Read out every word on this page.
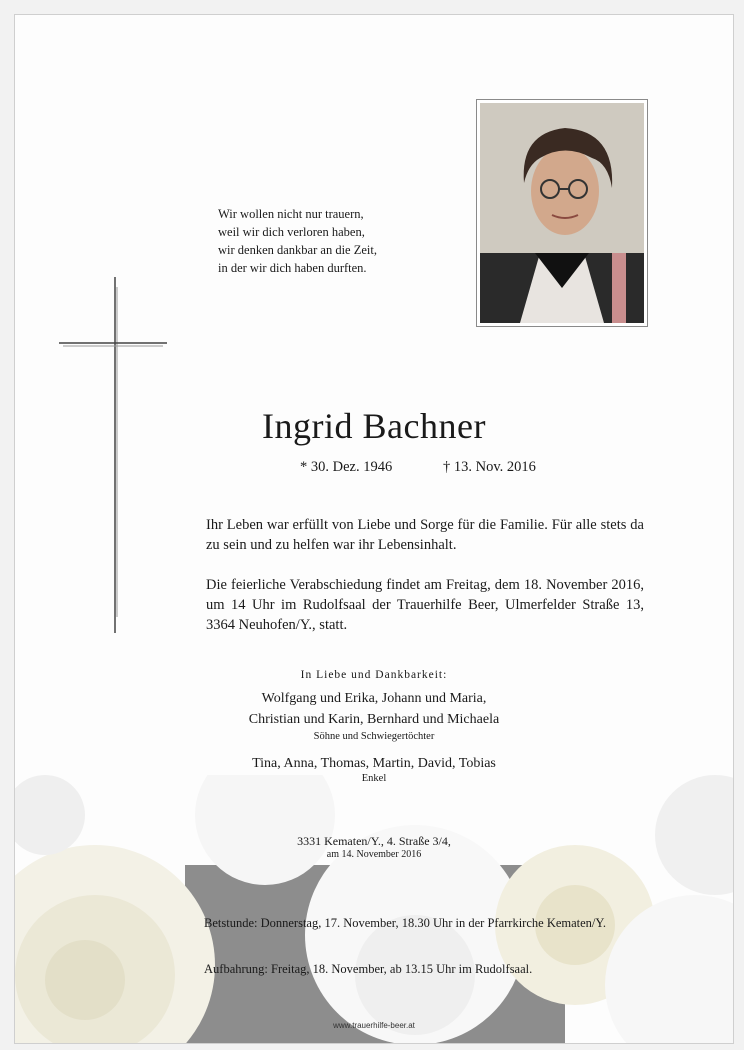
Wir wollen nicht nur trauern,
weil wir dich verloren haben,
wir denken dankbar an die Zeit,
in der wir dich haben durften.
Ingrid Bachner
* 30. Dez. 1946	† 13. Nov. 2016
Ihr Leben war erfüllt von Liebe und Sorge für die Familie. Für alle stets da zu sein und zu helfen war ihr Lebensinhalt.
Die feierliche Verabschiedung findet am Freitag, dem 18. November 2016, um 14 Uhr im Rudolfsaal der Trauerhilfe Beer, Ulmerfelder Straße 13, 3364 Neuhofen/Y., statt.
In Liebe und Dankbarkeit:
Wolfgang und Erika, Johann und Maria,
Christian und Karin, Bernhard und Michaela
Söhne und Schwiegertöchter
Tina, Anna, Thomas, Martin, David, Tobias
Enkel
3331 Kematen/Y., 4. Straße 3/4,
am 14. November 2016
Betstunde: Donnerstag, 17. November, 18.30 Uhr in der Pfarrkirche Kematen/Y.
Aufbahrung: Freitag, 18. November, ab 13.15 Uhr im Rudolfsaal.
www.trauerhilfe-beer.at
